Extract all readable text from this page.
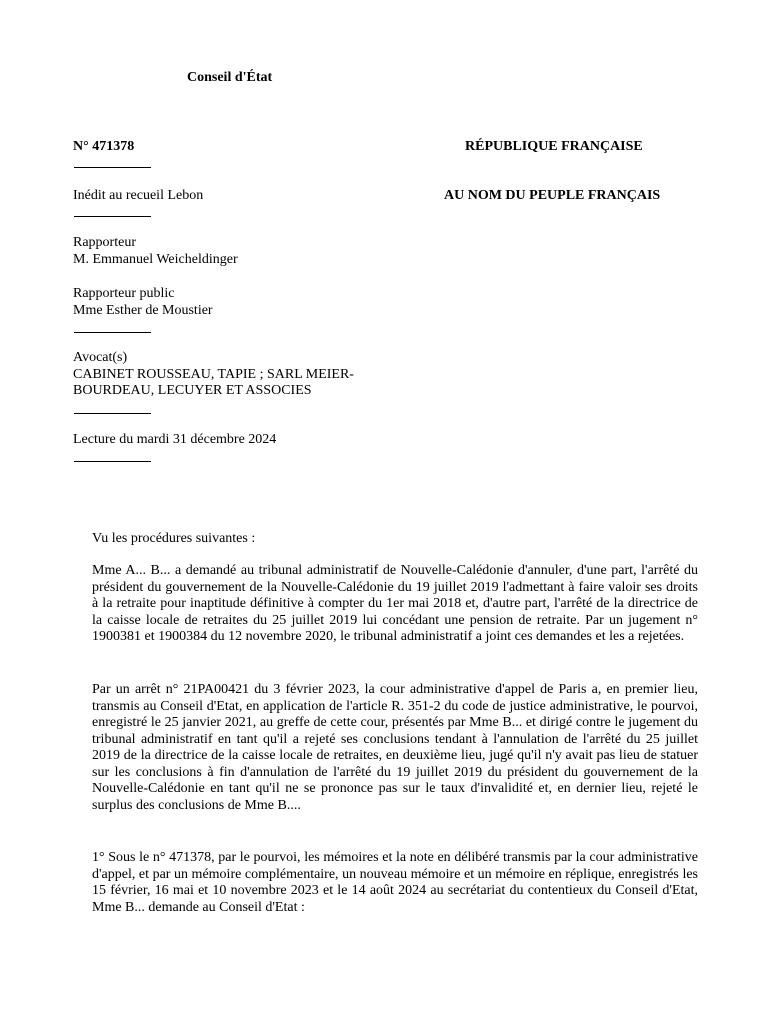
Conseil d'État
N° 471378	RÉPUBLIQUE FRANÇAISE
Inédit au recueil Lebon	AU NOM DU PEUPLE FRANÇAIS
Rapporteur
M. Emmanuel Weicheldinger
Rapporteur public
Mme Esther de Moustier
Avocat(s)
CABINET ROUSSEAU, TAPIE ; SARL MEIER-
BOURDEAU, LECUYER ET ASSOCIES
Lecture du mardi 31 décembre 2024
Vu les procédures suivantes :
Mme A... B... a demandé au tribunal administratif de Nouvelle-Calédonie d'annuler, d'une part, l'arrêté du président du gouvernement de la Nouvelle-Calédonie du 19 juillet 2019 l'admettant à faire valoir ses droits à la retraite pour inaptitude définitive à compter du 1er mai 2018 et, d'autre part, l'arrêté de la directrice de la caisse locale de retraites du 25 juillet 2019 lui concédant une pension de retraite. Par un jugement n° 1900381 et 1900384 du 12 novembre 2020, le tribunal administratif a joint ces demandes et les a rejetées.
Par un arrêt n° 21PA00421 du 3 février 2023, la cour administrative d'appel de Paris a, en premier lieu, transmis au Conseil d'Etat, en application de l'article R. 351-2 du code de justice administrative, le pourvoi, enregistré le 25 janvier 2021, au greffe de cette cour, présentés par Mme B... et dirigé contre le jugement du tribunal administratif en tant qu'il a rejeté ses conclusions tendant à l'annulation de l'arrêté du 25 juillet 2019 de la directrice de la caisse locale de retraites, en deuxième lieu, jugé qu'il n'y avait pas lieu de statuer sur les conclusions à fin d'annulation de l'arrêté du 19 juillet 2019 du président du gouvernement de la Nouvelle-Calédonie en tant qu'il ne se prononce pas sur le taux d'invalidité et, en dernier lieu, rejeté le surplus des conclusions de Mme B....
1° Sous le n° 471378, par le pourvoi, les mémoires et la note en délibéré transmis par la cour administrative d'appel, et par un mémoire complémentaire, un nouveau mémoire et un mémoire en réplique, enregistrés les 15 février, 16 mai et 10 novembre 2023 et le 14 août 2024 au secrétariat du contentieux du Conseil d'Etat, Mme B... demande au Conseil d'Etat :
